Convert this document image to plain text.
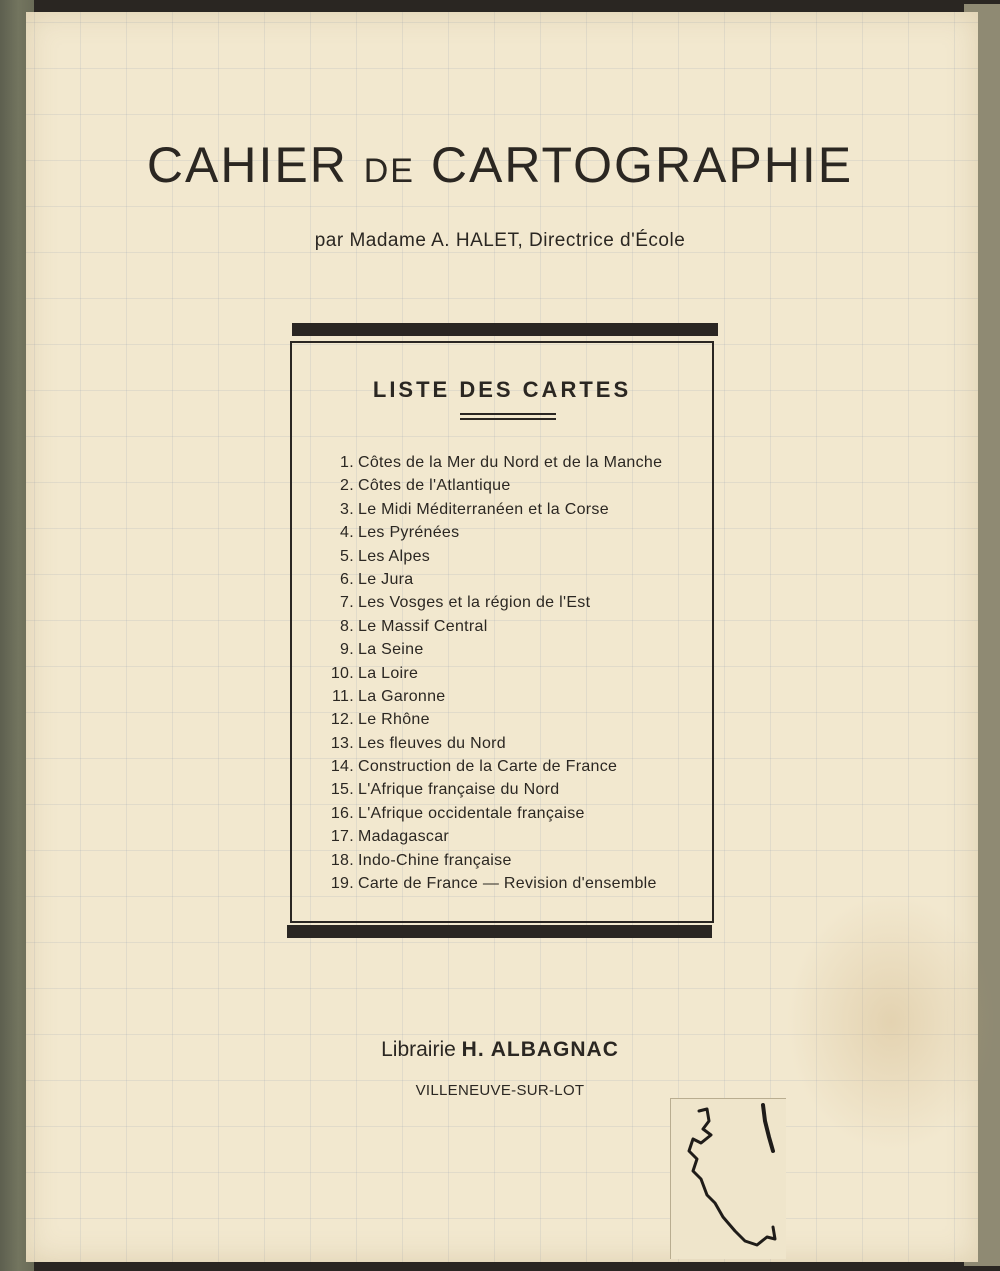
CAHIER DE CARTOGRAPHIE
par Madame A. HALET, Directrice d'École
LISTE DES CARTES
1. Côtes de la Mer du Nord et de la Manche
2. Côtes de l'Atlantique
3. Le Midi Méditerranéen et la Corse
4. Les Pyrénées
5. Les Alpes
6. Le Jura
7. Les Vosges et la région de l'Est
8. Le Massif Central
9. La Seine
10. La Loire
11. La Garonne
12. Le Rhône
13. Les fleuves du Nord
14. Construction de la Carte de France
15. L'Afrique française du Nord
16. L'Afrique occidentale française
17. Madagascar
18. Indo-Chine française
19. Carte de France — Revision d'ensemble
Librairie H. ALBAGNAC
VILLENEUVE-SUR-LOT
